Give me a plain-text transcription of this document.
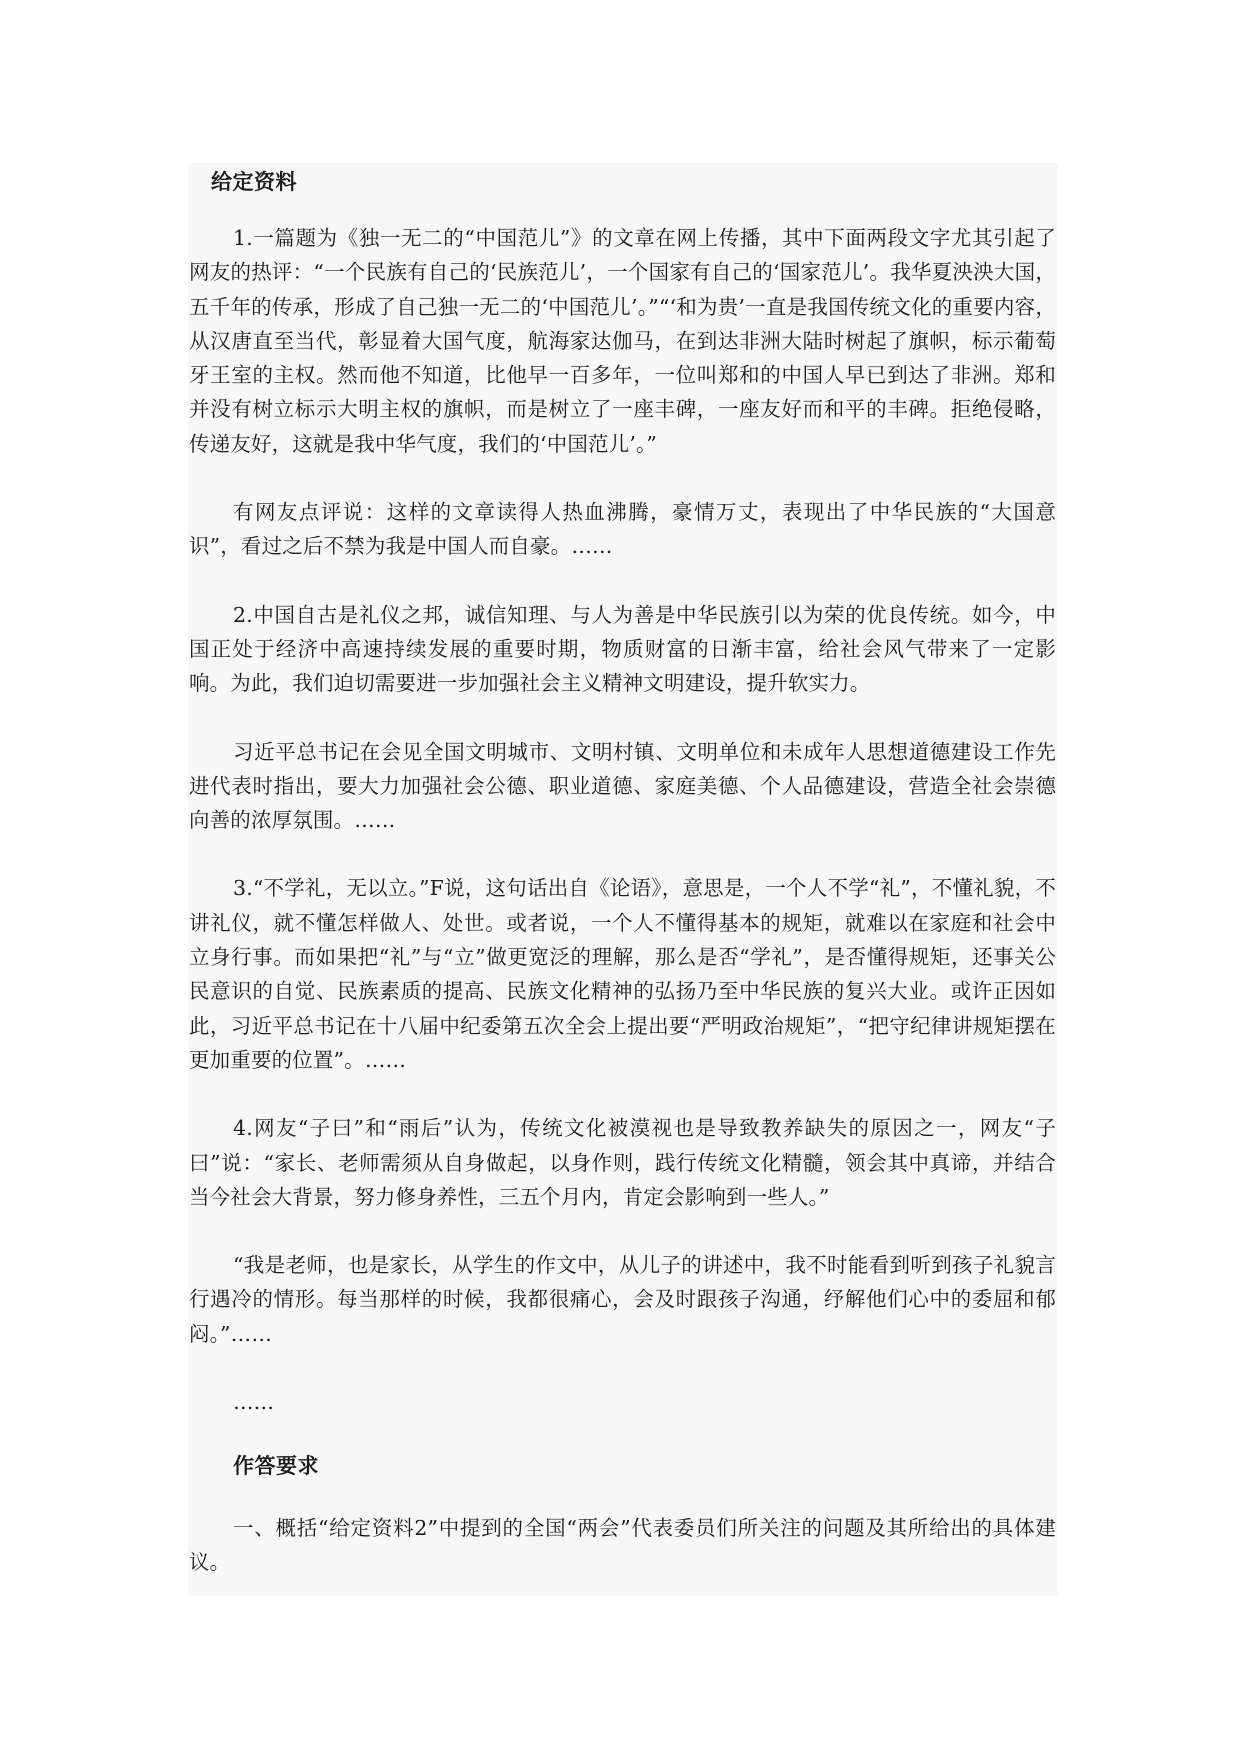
给定资料

1.一篇题为《独一无二的“中国范儿”》的文章在网上传播，其中下面两段文字尤其引起了网友的热评：“一个民族有自己的‘民族范儿’，一个国家有自己的‘国家范儿’。我华夏泱泱大国，五千年的传承，形成了自己独一无二的‘中国范儿’。”“‘和为贵’一直是我国传统文化的重要内容，从汉唐直至当代，彰显着大国气度，航海家达伽马，在到达非洲大陆时树起了旗帜，标示葡萄牙王室的主权。然而他不知道，比他早一百多年，一位叫郑和的中国人早已到达了非洲。郑和并没有树立标示大明主权的旗帜，而是树立了一座丰碑，一座友好而和平的丰碑。拒绝侵略，传递友好，这就是我中华气度，我们的‘中国范儿’。”

有网友点评说：这样的文章读得人热血沸腾，豪情万丈，表现出了中华民族的“大国意识”，看过之后不禁为我是中国人而自豪。……

2.中国自古是礼仪之邦，诚信知理、与人为善是中华民族引以为荣的优良传统。如今，中国正处于经济中高速持续发展的重要时期，物质财富的日渐丰富，给社会风气带来了一定影响。为此，我们迫切需要进一步加强社会主义精神文明建设，提升软实力。

习近平总书记在会见全国文明城市、文明村镇、文明单位和未成年人思想道德建设工作先进代表时指出，要大力加强社会公德、职业道德、家庭美德、个人品德建设，营造全社会崇德向善的浓厚氛围。……

3.“不学礼，无以立。”F说，这句话出自《论语》，意思是，一个人不学“礼”，不懂礼貌，不讲礼仪，就不懂怎样做人、处世。或者说，一个人不懂得基本的规矩，就难以在家庭和社会中立身行事。而如果把“礼”与“立”做更宽泛的理解，那么是否“学礼”，是否懂得规矩，还事关公民意识的自觉、民族素质的提高、民族文化精神的弘扬乃至中华民族的复兴大业。或许正因如此，习近平总书记在十八届中纪委第五次全会上提出要“严明政治规矩”，“把守纪律讲规矩摆在更加重要的位置”。……

4.网友“子曰”和“雨后”认为，传统文化被漠视也是导致教养缺失的原因之一，网友“子曰”说：“家长、老师需须从自身做起，以身作则，践行传统文化精髓，领会其中真谛，并结合当今社会大背景，努力修身养性，三五个月内，肯定会影响到一些人。”

“我是老师，也是家长，从学生的作文中，从儿子的讲述中，我不时能看到听到孩子礼貌言行遇冷的情形。每当那样的时候，我都很痛心，会及时跟孩子沟通，纾解他们心中的委屈和郁闷。”……

……

作答要求

一、概括“给定资料2”中提到的全国“两会”代表委员们所关注的问题及其所给出的具体建议。
